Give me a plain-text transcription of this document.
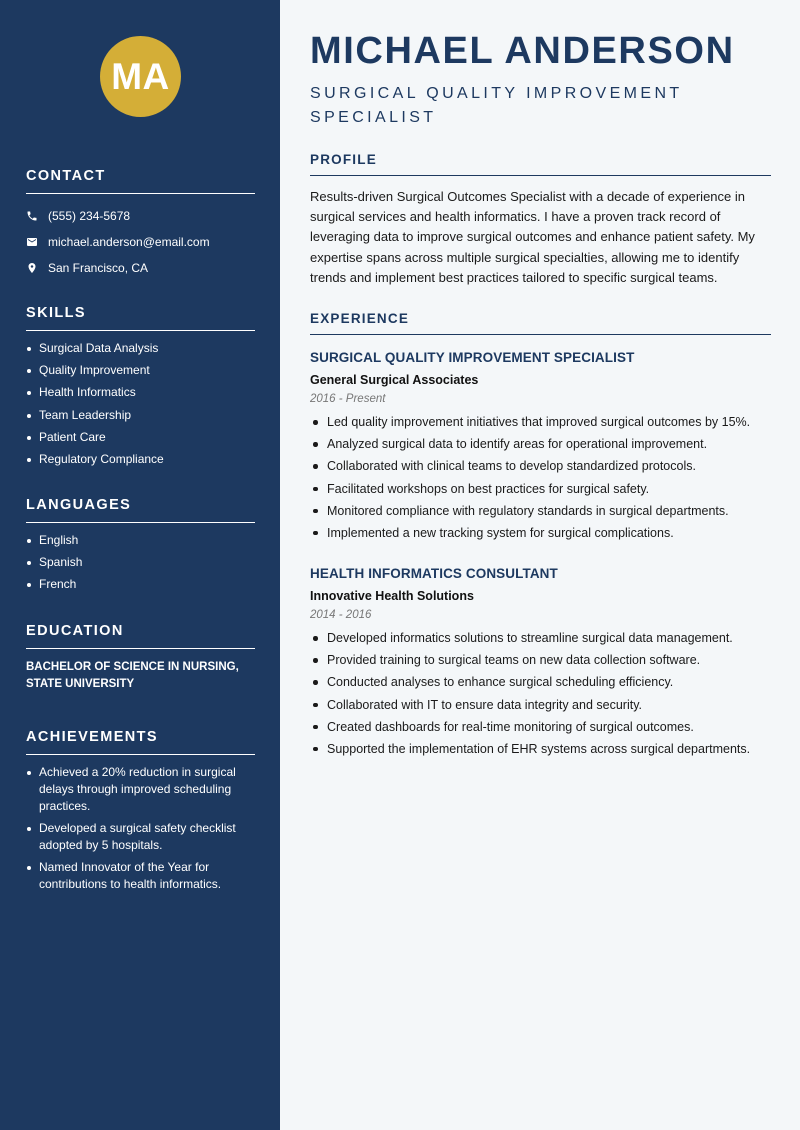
MA
CONTACT
(555) 234-5678
michael.anderson@email.com
San Francisco, CA
SKILLS
Surgical Data Analysis
Quality Improvement
Health Informatics
Team Leadership
Patient Care
Regulatory Compliance
LANGUAGES
English
Spanish
French
EDUCATION
BACHELOR OF SCIENCE IN NURSING, STATE UNIVERSITY
ACHIEVEMENTS
Achieved a 20% reduction in surgical delays through improved scheduling practices.
Developed a surgical safety checklist adopted by 5 hospitals.
Named Innovator of the Year for contributions to health informatics.
MICHAEL ANDERSON
SURGICAL QUALITY IMPROVEMENT SPECIALIST
PROFILE

Results-driven Surgical Outcomes Specialist with a decade of experience in surgical services and health informatics. I have a proven track record of leveraging data to improve surgical outcomes and enhance patient safety. My expertise spans across multiple surgical specialties, allowing me to identify trends and implement best practices tailored to specific surgical teams.

EXPERIENCE
SURGICAL QUALITY IMPROVEMENT SPECIALIST
General Surgical Associates
2016 - Present
Led quality improvement initiatives that improved surgical outcomes by 15%.
Analyzed surgical data to identify areas for operational improvement.
Collaborated with clinical teams to develop standardized protocols.
Facilitated workshops on best practices for surgical safety.
Monitored compliance with regulatory standards in surgical departments.
Implemented a new tracking system for surgical complications.
HEALTH INFORMATICS CONSULTANT
Innovative Health Solutions
2014 - 2016
Developed informatics solutions to streamline surgical data management.
Provided training to surgical teams on new data collection software.
Conducted analyses to enhance surgical scheduling efficiency.
Collaborated with IT to ensure data integrity and security.
Created dashboards for real-time monitoring of surgical outcomes.
Supported the implementation of EHR systems across surgical departments.
